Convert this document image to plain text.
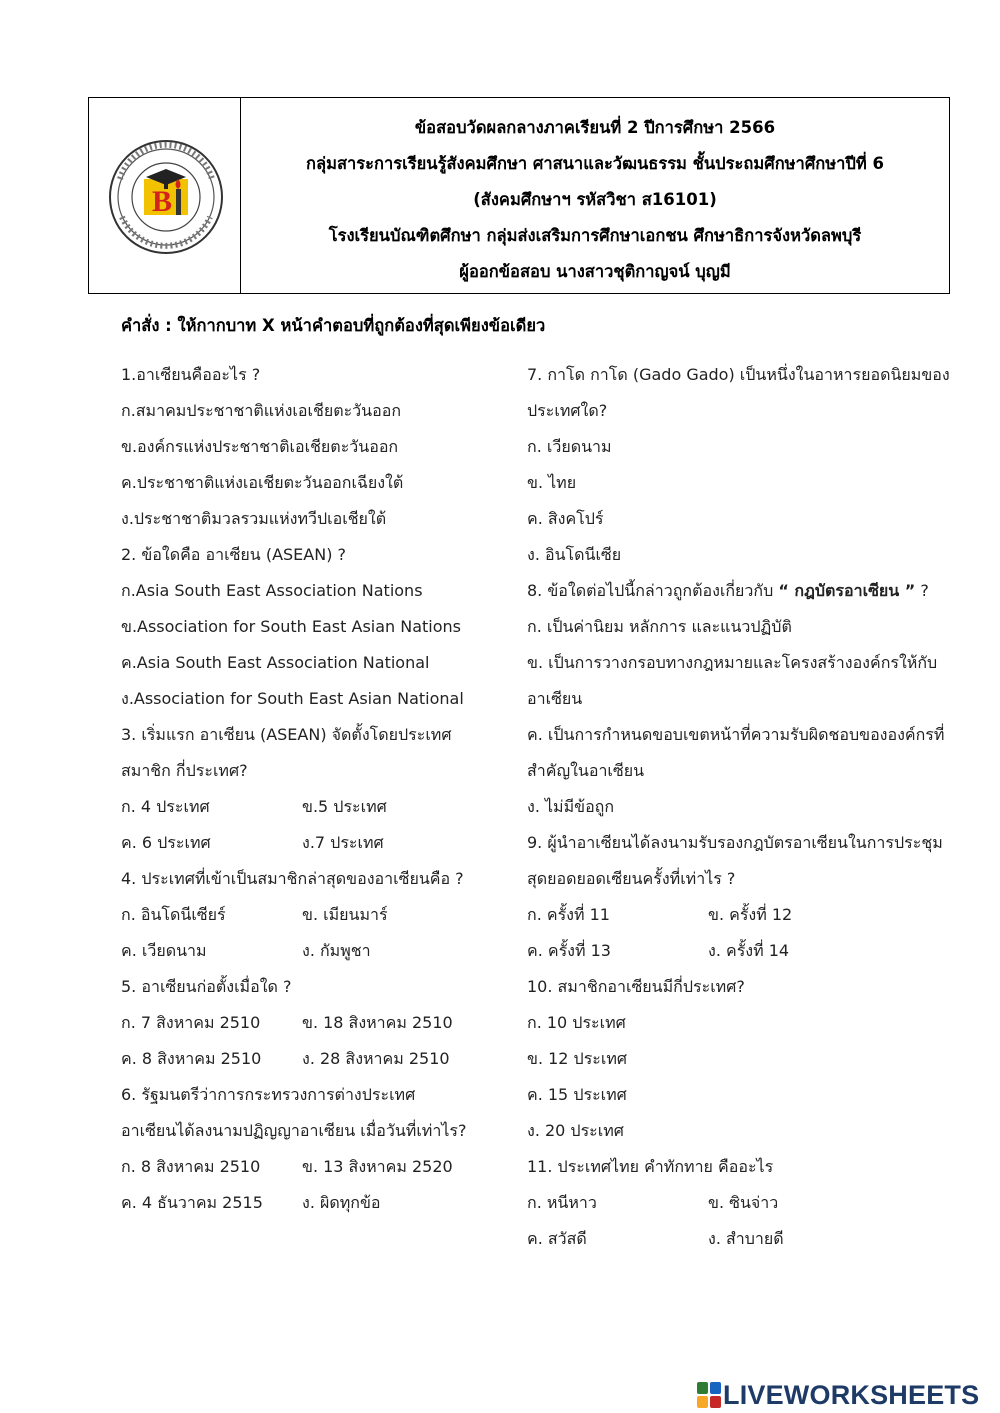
B
ข้อสอบวัดผลกลางภาคเรียนที่ 2 ปีการศึกษา 2566
กลุ่มสาระการเรียนรู้สังคมศึกษา ศาสนาและวัฒนธรรม ชั้นประถมศึกษาศึกษาปีที่ 6
(สังคมศึกษาฯ รหัสวิชา ส16101)
โรงเรียนบัณฑิตศึกษา กลุ่มส่งเสริมการศึกษาเอกชน ศึกษาธิการจังหวัดลพบุรี
ผู้ออกข้อสอบ นางสาวชุติกาญจน์ บุญมี
คำสั่ง : ให้กากบาท X หน้าคำตอบที่ถูกต้องที่สุดเพียงข้อเดียว
1.อาเซียนคืออะไร ?
ก.สมาคมประชาชาติแห่งเอเชียตะวันออก
ข.องค์กรแห่งประชาชาติเอเชียตะวันออก
ค.ประชาชาติแห่งเอเชียตะวันออกเฉียงใต้
ง.ประชาชาติมวลรวมแห่งทวีปเอเชียใต้
2. ข้อใดคือ อาเซียน (ASEAN) ?
ก.Asia South East Association Nations
ข.Association for South East Asian Nations
ค.Asia South East Association National
ง.Association for South East Asian National
3. เริ่มแรก อาเซียน (ASEAN) จัดตั้งโดยประเทศ
สมาชิก กี่ประเทศ?
ก. 4 ประเทศ	ข.5 ประเทศ
ค. 6 ประเทศ	ง.7 ประเทศ
4. ประเทศที่เข้าเป็นสมาชิกล่าสุดของอาเซียนคือ ?
ก. อินโดนีเซียร์	ข. เมียนมาร์
ค. เวียดนาม	ง. กัมพูชา
5. อาเซียนก่อตั้งเมื่อใด ?
ก. 7 สิงหาคม 2510	ข. 18 สิงหาคม 2510
ค. 8 สิงหาคม 2510	ง. 28 สิงหาคม 2510
6. รัฐมนตรีว่าการกระทรวงการต่างประเทศ
อาเซียนได้ลงนามปฏิญญาอาเซียน เมื่อวันที่เท่าไร?
ก. 8 สิงหาคม 2510	ข. 13 สิงหาคม 2520
ค. 4 ธันวาคม 2515 ง. ผิดทุกข้อ
7. กาโด กาโด (Gado Gado) เป็นหนึ่งในอาหารยอดนิยมของ
ประเทศใด?
ก. เวียดนาม
ข. ไทย
ค. สิงคโปร์
ง. อินโดนีเซีย
8. ข้อใดต่อไปนี้กล่าวถูกต้องเกี่ยวกับ “ กฎบัตรอาเซียน ” ?
ก. เป็นค่านิยม หลักการ และแนวปฏิบัติ
ข. เป็นการวางกรอบทางกฎหมายและโครงสร้างองค์กรให้กับ
อาเซียน
ค. เป็นการกำหนดขอบเขตหน้าที่ความรับผิดชอบขององค์กรที่
สำคัญในอาเซียน
ง. ไม่มีข้อถูก
9. ผู้นำอาเซียนได้ลงนามรับรองกฎบัตรอาเซียนในการประชุม
สุดยอดยอดเซียนครั้งที่เท่าไร ?
ก. ครั้งที่ 11	ข. ครั้งที่ 12
ค. ครั้งที่ 13	ง. ครั้งที่ 14
10. สมาชิกอาเซียนมีกี่ประเทศ?
ก. 10 ประเทศ
ข. 12 ประเทศ
ค. 15 ประเทศ
ง. 20 ประเทศ
11. ประเทศไทย คำทักทาย คืออะไร
ก. หนีหาว	ข. ซินจ่าว
ค. สวัสดี	ง. สำบายดี
LIVEWORKSHEETS
